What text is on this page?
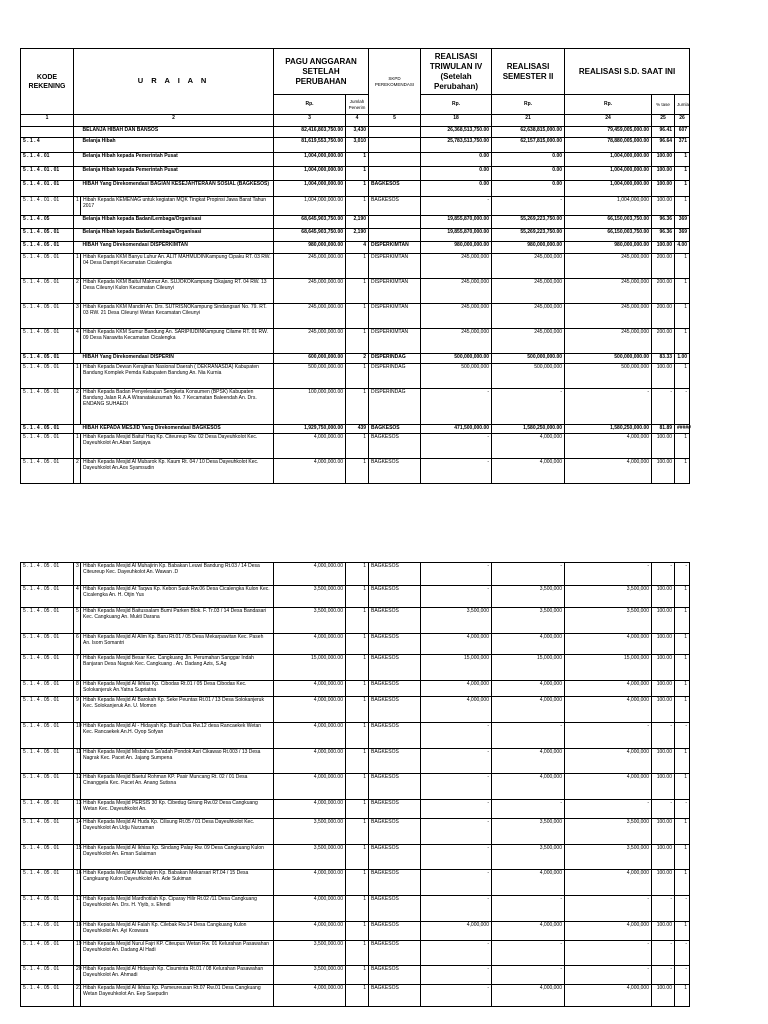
KODE REKENING	U R A I A N		PAGU ANGGARAN SETELAH PERUBAHAN		SKPD PEREKOMENDASI	REALISASI TRIWULAN IV (Setelah Perubahan)	REALISASI SEMESTER II	REALISASI S.D. SAAT INI		
			Rp.	Jumlah Penerim		Rp.	Rp.	Rp.	% tase	Jumla
1	2		3	4	5	18	21	24	25	26
		BELANJA HIBAH DAN BANSOS	82,416,803,750.00	3,430		26,368,513,750.00	62,638,815,000.00	79,459,005,000.00	96.41	607
5 . 1 . 4		Belanja Hibah	81,619,553,750.00	3,010		25,783,513,750.00	62,157,815,000.00	78,880,005,000.00	96.64	371
5 . 1 . 4 . 01		Belanja Hibah kepada Pemerintah Pusat	1,004,000,000.00	1		0.00	0.00	1,004,000,000.00	100.00	1
5 . 1 . 4 . 01 . 01		Belanja Hibah kepada Pemerintah Pusat	1,004,000,000.00	1		0.00	0.00	1,004,000,000.00	100.00	1
5 . 1 . 4 . 01 . 01		HIBAH Yang Direkomendasi BAGIAN KESEJAHTERAAN SOSIAL (BAGKESOS)	1,004,000,000.00	1	BAGKESOS	0.00	0.00	1,004,000,000.00	100.00	1
5 . 1 . 4 . 01 . 01	1	Hibah Kepada KEMENAG untuk kegiatan MQK Tingkat Propinsi Jawa Barat Tahun 2017	1,004,000,000.00	1	BAGKESOS	-	-	1,004,000,000	100.00	1
5 . 1 . 4 . 05		Belanja Hibah kepada Badan/Lembaga/Organisasi	68,645,903,750.00	2,190		19,855,870,000.00	55,269,223,750.00	66,150,003,750.00	96.36	369
5 . 1 . 4 . 05 . 01		Belanja Hibah kepada Badan/Lembaga/Organisasi	68,645,903,750.00	2,190		19,855,870,000.00	55,269,223,750.00	66,150,003,750.00	96.36	369
5 . 1 . 4 . 05 . 01		HIBAH Yang Direkomendasi DISPERKIMTAN	980,000,000.00	4	DISPERKIMTAN	980,000,000.00	980,000,000.00	980,000,000.00	100.00	4.00
5 . 1 . 4 . 05 . 01	1	Hibah Kepada KKM Banyu Luhur An. ALIT MAHMUDINKampung Cipaku RT. 03 RW. 04 Desa Dampit Kecamatan Cicalengka	245,000,000.00	1	DISPERKIMTAN	245,000,000	245,000,000	245,000,000	200.00	1
5 . 1 . 4 . 05 . 01	2	Hibah Kepada KKM Baitul Makmur An. SUJOKOKampung Cikajang RT. 04 RW. 13 Desa Cileunyi Kulon Kecamatan Cileunyi	245,000,000.00	1	DISPERKIMTAN	245,000,000	245,000,000	245,000,000	200.00	1
5 . 1 . 4 . 05 . 01	3	Hibah Kepada KKM Mandiri An. Drs. SUTRISNOKampung Sindangsari No. 79. RT. 03 RW. 21 Desa Cileunyi Wetan Kecamatan Cileunyi	245,000,000.00	1	DISPERKIMTAN	245,000,000	245,000,000	245,000,000	200.00	1
5 . 1 . 4 . 05 . 01	4	Hibah Kepada KKM Sumur Bandung An. SARIPIUDINKampung Cilame RT. 01 RW. 09 Desa Narawita Kecamatan Cicalengka	245,000,000.00	1	DISPERKIMTAN	245,000,000	245,000,000	245,000,000	200.00	1
5 . 1 . 4 . 05 . 01		HIBAH Yang Direkomendasi DISPERIN	600,000,000.00	2	DISPERINDAG	500,000,000.00	500,000,000.00	500,000,000.00	83.33	1.00
5 . 1 . 4 . 05 . 01	1	Hibah Kepada Dewan Kerajinan Nasional Daerah ( DEKRANASDA) Kabupaten Bandung Komplek Pemda Kabupaten Bandung An. Nia Kurnia	500,000,000.00	1	DISPERINDAG	500,000,000	500,000,000	500,000,000	100.00	1
5 . 1 . 4 . 05 . 01	2	Hibah Kepada Badan Penyelesaian Sengketa Konsumen (BPSK) Kabupaten Bandung Jalan R.A.A Wiranatakusumah No. 7 Kecamatan Baleendah An. Drs. ENDANG SUHAEDI	100,000,000.00	1	DISPERINDAG	-	-	-	-	-
5 . 1 . 4 . 05 . 01		HIBAH KEPADA MESJID Yang Direkomendasi BAGKESOS	1,929,750,000.00	439	BAGKESOS	471,500,000.00	1,580,250,000.00	1,580,250,000.00	81.89	#####
5 . 1 . 4 . 05 . 01	1	Hibah Kepada Mesjid Baitul Haq Kp. Citeureup Rw. 02 Desa Dayeuhkolot Kec. Dayeuhkolot An.Aban Sanjaya	4,000,000.00	1	BAGKESOS	-	4,000,000	4,000,000	100.00	1
5 . 1 . 4 . 05 . 01	2	Hibah Kepada Mesjid Al Mubarok Kp. Kaum Rt. 04 / 10 Desa Dayeuhkolot Kec. Dayeuhkolot An.Aos Syamsudin	4,000,000.00	1	BAGKESOS	-	4,000,000	4,000,000	100.00	1
5 . 1 . 4 . 05 . 01	3	Hibah Kepada Mesjid Al Muhajirin Kp. Babakan Leuwi Bandung Rt.03 / 14 Desa Citeureup Kec. Dayeuhkolot An. Wawan .D	4,000,000.00	1	BAGKESOS	-	-	-	-	-
5 . 1 . 4 . 05 . 01	4	Hibah Kepada Mesjid At Taqwa Kp. Kebon Suuk Rw.06 Desa Cicalengka Kulon Kec. Cicalengka An. H. Otjin Yus	3,500,000.00	1	BAGKESOS	-	3,500,000	3,500,000	100.00	1
5 . 1 . 4 . 05 . 01	5	Hibah Kepada Mesjid Baitussalam Bumi Parken Blok. F. Tr.03 / 14 Desa Bandasari Kec. Cangkuang An. Mukti Darana	3,500,000.00	1	BAGKESOS	3,500,000	3,500,000	3,500,000	100.00	1
5 . 1 . 4 . 05 . 01	6	Hibah Kepada Mesjid Al Alim Kp. Baru Rt.01 / 05 Desa Mekarpawitan Kec. Paseh An. Isom Somantri	4,000,000.00	1	BAGKESOS	4,000,000	4,000,000	4,000,000	100.00	1
5 . 1 . 4 . 05 . 01	7	Hibah Kepada Mesjid Besar Kec. Cangkuang Jln. Perumahan Sanggar Indah Banjaran Desa Nagrak Kec. Cangkuang . An. Dadang Azis, S.Ag	15,000,000.00	1	BAGKESOS	15,000,000	15,000,000	15,000,000	100.00	1
5 . 1 . 4 . 05 . 01	8	Hibah Kepada Mesjid Al Ikhlas Kp. Cibodas Rt.01 / 05 Desa Cibodas Kec. Solokanjeruk An.Yatna Supriatna	4,000,000.00	1	BAGKESOS	4,000,000	4,000,000	4,000,000	100.00	1
5 . 1 . 4 . 05 . 01	9	Hibah Kepada Mesjid Al Barokah Kp. Seke Peuntas Rt.01 / 13 Desa Solokanjeruk Kec. Solokanjeruk An. U. Momon	4,000,000.00	1	BAGKESOS	4,000,000	4,000,000	4,000,000	100.00	1
5 . 1 . 4 . 05 . 01	10	Hibah Kepada Mesjid Al - Hidayah Kp. Buah Dua Rw.12 desa Rancaekek Wetan Kec. Rancaekek An.H. Oyop Sofyan	4,000,000.00	1	BAGKESOS	-	-	-	-	-
5 . 1 . 4 . 05 . 01	11	Hibah Kepada Mesjid Misbahus Sa'adah Pondok Asri Cikawao Rt.003 / 13 Desa Nagrak Kec. Pacet An. Jajang Sumpena	4,000,000.00	1	BAGKESOS	-	4,000,000	4,000,000	100.00	1
5 . 1 . 4 . 05 . 01	12	Hibah Kepada Mesjid Baetul Rohman KP. Pasir Muncang Rt. 02 / 01 Desa Cinanggela Kec. Pacet An. Anang Sutisna	4,000,000.00	1	BAGKESOS	-	4,000,000	4,000,000	100.00	1
5 . 1 . 4 . 05 . 01	13	Hibah Kepada Mesjid PERSIS 30 Kp. Cibedug Girang Rw.02 Desa Cangkuang Wetan Kec. Dayeuhkolot An.	4,000,000.00	1	BAGKESOS	-	-	-	-	-
5 . 1 . 4 . 05 . 01	14	Hibah Kepada Mesjid Al Huda Kp. Cilisung Rt.05 / 01 Desa Dayeuhkolot Kec. Dayeuhkolot An.Udju Nurzaman	3,500,000.00	1	BAGKESOS	-	3,500,000	3,500,000	100.00	1
5 . 1 . 4 . 05 . 01	15	Hibah Kepada Mesjid Al Ikhlas Kp. Sindang Palay Rw. 09 Desa Cangkuang Kulon Dayeuhkolot An. Eman Sulaiman	3,500,000.00	1	BAGKESOS	-	3,500,000	3,500,000	100.00	1
5 . 1 . 4 . 05 . 01	16	Hibah Kepada Mesjid Al Muhajirin Kp. Babakan Mekarsari RT.04 / 15 Desa Cangkuang Kulon Dayeuhkolot An. Ade Sukiman	4,000,000.00	1	BAGKESOS	-	4,000,000	4,000,000	100.00	1
5 . 1 . 4 . 05 . 01	17	Hibah Kepada Mesjid Mardhotilah Kp. Ciparay Hilir Rt.02 /11 Desa Cangkuang Dayeuhkolot An. Drs. H. Yiyib, s. Efendi	4,000,000.00	1	BAGKESOS	-	-	-	-	-
5 . 1 . 4 . 05 . 01	18	Hibah Kepada Mesjid Al Falah Kp. Cilebak Rw.14 Desa Cangkuang Kulon Dayeuhkolot An. Ayi Koswara	4,000,000.00	1	BAGKESOS	4,000,000	4,000,000	4,000,000	100.00	1
5 . 1 . 4 . 05 . 01	19	Hibah Kepada Mesjid Nurul Fajri KP. Citeupus Wetan Rw. 01 Kelurahan Pasawahan Dayeuhkolot An. Dadang Al Hadi	3,500,000.00	1	BAGKESOS	-	-	-	-	-
5 . 1 . 4 . 05 . 01	20	Hibah Kepada Mesjid Al Hidayah Kp. Cisuminta Rt.01 / 08 Kelurahan Pasawahan Dayeuhkolot An. Ahmadi	3,500,000.00	1	BAGKESOS	-	-	-	-	-
5 . 1 . 4 . 05 . 01	21	Hibah Kepada Mesjid Al Ikhlas Kp. Pameureusan Rt.07 Rw.01 Desa Cangkuang Wetan Dayeuhkolot An. Eep Saepudin	4,000,000.00	1	BAGKESOS	-	4,000,000	4,000,000	100.00	1
